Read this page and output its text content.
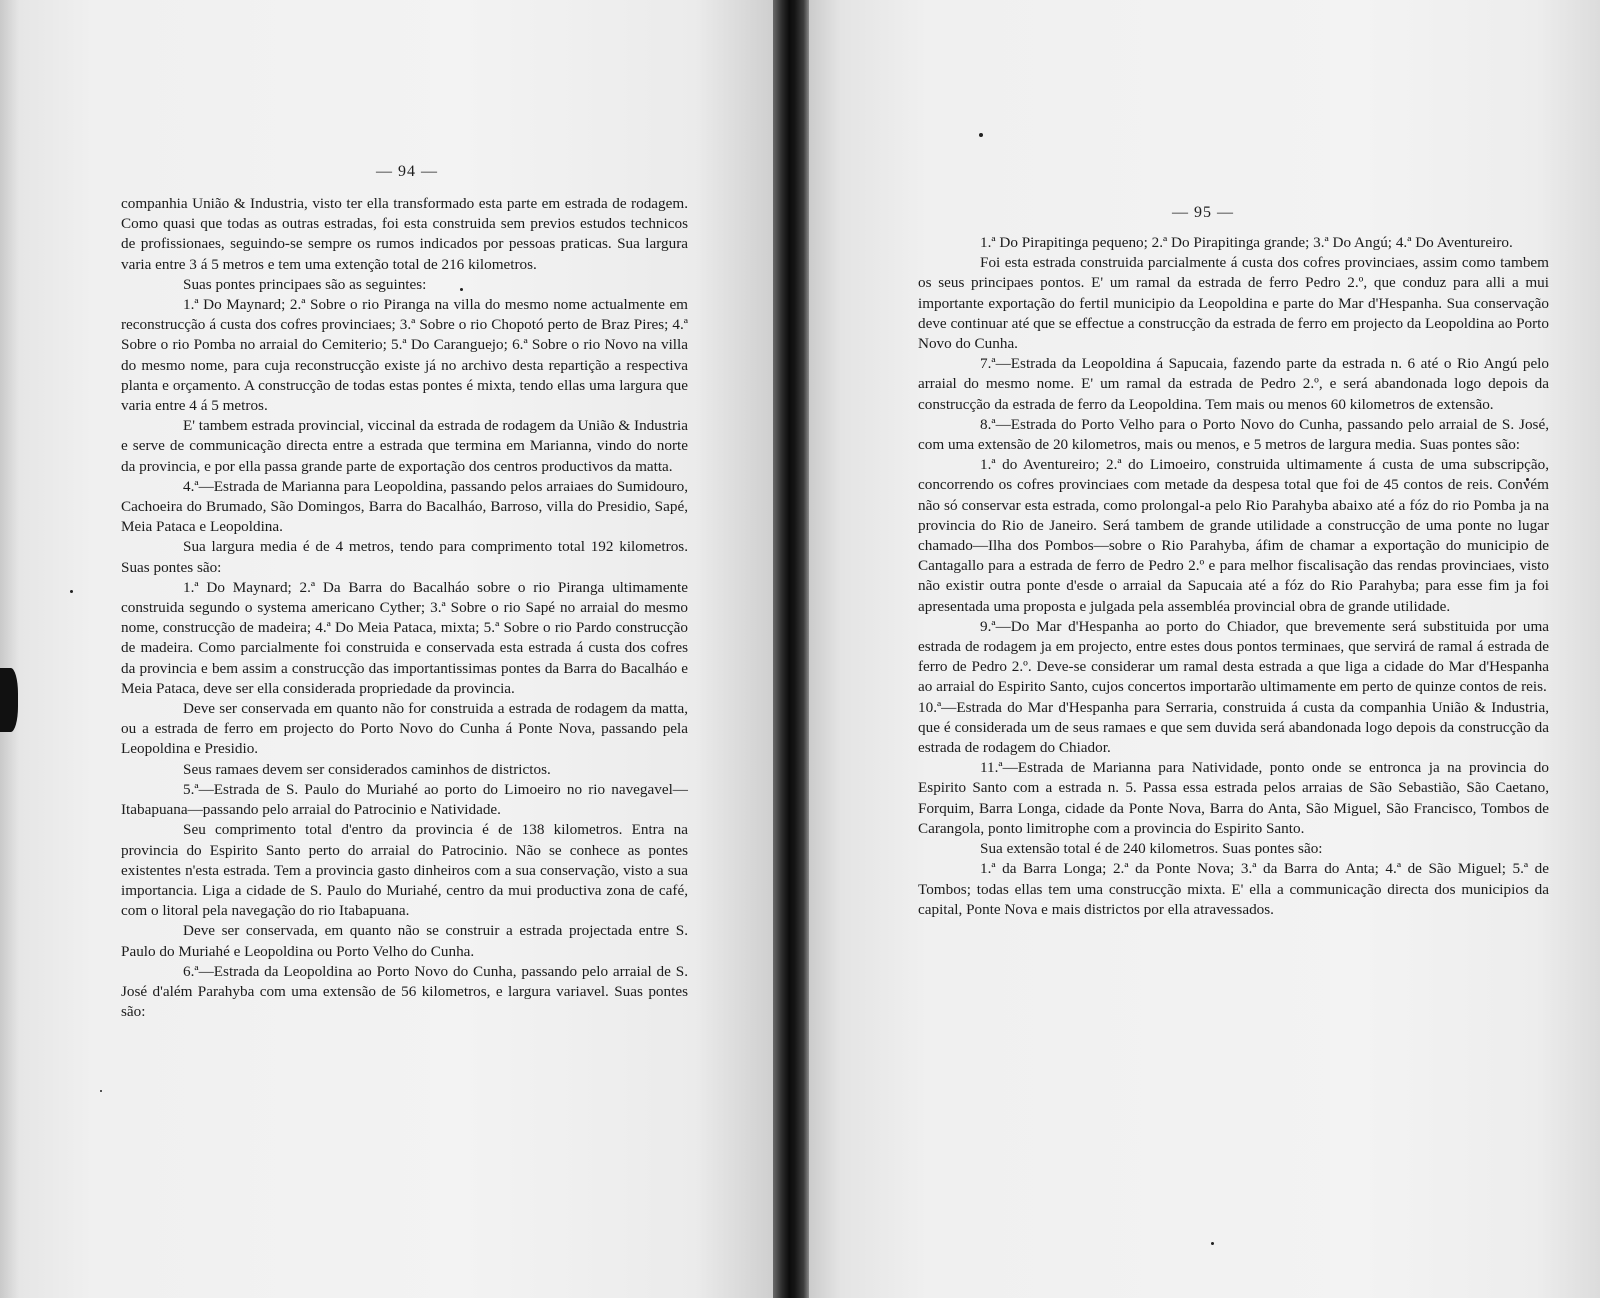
— 94 —

companhia União & Industria, visto ter ella transformado esta parte em estrada de rodagem. Como quasi que todas as outras estradas, foi esta construida sem previos estudos technicos de profissionaes, seguindo-se sempre os rumos indicados por pessoas praticas. Sua largura varia entre 3 á 5 metros e tem uma extenção total de 216 kilometros.

Suas pontes principaes são as seguintes:

1.ª Do Maynard; 2.ª Sobre o rio Piranga na villa do mesmo nome actualmente em reconstrucção á custa dos cofres provinciaes; 3.ª Sobre o rio Chopotó perto de Braz Pires; 4.ª Sobre o rio Pomba no arraial do Cemiterio; 5.ª Do Caranguejo; 6.ª Sobre o rio Novo na villa do mesmo nome, para cuja reconstrucção existe já no archivo desta repartição a respectiva planta e orçamento. A construcção de todas estas pontes é mixta, tendo ellas uma largura que varia entre 4 á 5 metros.

E' tambem estrada provincial, viccinal da estrada de rodagem da União & Industria e serve de communicação directa entre a estrada que termina em Marianna, vindo do norte da provincia, e por ella passa grande parte de exportação dos centros productivos da matta.

4.ª—Estrada de Marianna para Leopoldina, passando pelos arraiaes do Sumidouro, Cachoeira do Brumado, São Domingos, Barra do Bacalháo, Barroso, villa do Presidio, Sapé, Meia Pataca e Leopoldina.

Sua largura media é de 4 metros, tendo para comprimento total 192 kilometros. Suas pontes são:

1.ª Do Maynard; 2.ª Da Barra do Bacalháo sobre o rio Piranga ultimamente construida segundo o systema americano Cyther; 3.ª Sobre o rio Sapé no arraial do mesmo nome, construcção de madeira; 4.ª Do Meia Pataca, mixta; 5.ª Sobre o rio Pardo construcção de madeira. Como parcialmente foi construida e conservada esta estrada á custa dos cofres da provincia e bem assim a construcção das importantissimas pontes da Barra do Bacalháo e Meia Pataca, deve ser ella considerada propriedade da provincia.

Deve ser conservada em quanto não for construida a estrada de rodagem da matta, ou a estrada de ferro em projecto do Porto Novo do Cunha á Ponte Nova, passando pela Leopoldina e Presidio.

Seus ramaes devem ser considerados caminhos de districtos.

5.ª—Estrada de S. Paulo do Muriahé ao porto do Limoeiro no rio navegavel—Itabapuana—passando pelo arraial do Patrocinio e Natividade.

Seu comprimento total d'entro da provincia é de 138 kilometros. Entra na provincia do Espirito Santo perto do arraial do Patrocinio. Não se conhece as pontes existentes n'esta estrada. Tem a provincia gasto dinheiros com a sua conservação, visto a sua importancia. Liga a cidade de S. Paulo do Muriahé, centro da mui productiva zona de café, com o litoral pela navegação do rio Itabapuana.

Deve ser conservada, em quanto não se construir a estrada projectada entre S. Paulo do Muriahé e Leopoldina ou Porto Velho do Cunha.

6.ª—Estrada da Leopoldina ao Porto Novo do Cunha, passando pelo arraial de S. José d'além Parahyba com uma extensão de 56 kilometros, e largura variavel. Suas pontes são:

— 95 —

1.ª Do Pirapitinga pequeno; 2.ª Do Pirapitinga grande; 3.ª Do Angú; 4.ª Do Aventureiro.

Foi esta estrada construida parcialmente á custa dos cofres provinciaes, assim como tambem os seus principaes pontos. E' um ramal da estrada de ferro Pedro 2.º, que conduz para alli a mui importante exportação do fertil municipio da Leopoldina e parte do Mar d'Hespanha. Sua conservação deve continuar até que se effectue a construcção da estrada de ferro em projecto da Leopoldina ao Porto Novo do Cunha.

7.ª—Estrada da Leopoldina á Sapucaia, fazendo parte da estrada n. 6 até o Rio Angú pelo arraial do mesmo nome. E' um ramal da estrada de Pedro 2.º, e será abandonada logo depois da construcção da estrada de ferro da Leopoldina. Tem mais ou menos 60 kilometros de extensão.

8.ª—Estrada do Porto Velho para o Porto Novo do Cunha, passando pelo arraial de S. José, com uma extensão de 20 kilometros, mais ou menos, e 5 metros de largura media. Suas pontes são:

1.ª do Aventureiro; 2.ª do Limoeiro, construida ultimamente á custa de uma subscripção, concorrendo os cofres provinciaes com metade da despesa total que foi de 45 contos de reis. Convém não só conservar esta estrada, como prolongal-a pelo Rio Parahyba abaixo até a fóz do rio Pomba ja na provincia do Rio de Janeiro. Será tambem de grande utilidade a construcção de uma ponte no lugar chamado—Ilha dos Pombos—sobre o Rio Parahyba, áfim de chamar a exportação do municipio de Cantagallo para a estrada de ferro de Pedro 2.º e para melhor fiscalisação das rendas provinciaes, visto não existir outra ponte d'esde o arraial da Sapucaia até a fóz do Rio Parahyba; para esse fim ja foi apresentada uma proposta e julgada pela assembléa provincial obra de grande utilidade.

9.ª—Do Mar d'Hespanha ao porto do Chiador, que brevemente será substituida por uma estrada de rodagem ja em projecto, entre estes dous pontos terminaes, que servirá de ramal á estrada de ferro de Pedro 2.º. Deve-se considerar um ramal desta estrada a que liga a cidade do Mar d'Hespanha ao arraial do Espirito Santo, cujos concertos importarão ultimamente em perto de quinze contos de reis.

10.ª—Estrada do Mar d'Hespanha para Serraria, construida á custa da companhia União & Industria, que é considerada um de seus ramaes e que sem duvida será abandonada logo depois da construcção da estrada de rodagem do Chiador.

11.ª—Estrada de Marianna para Natividade, ponto onde se entronca ja na provincia do Espirito Santo com a estrada n. 5. Passa essa estrada pelos arraias de São Sebastião, São Caetano, Forquim, Barra Longa, cidade da Ponte Nova, Barra do Anta, São Miguel, São Francisco, Tombos de Carangola, ponto limitrophe com a provincia do Espirito Santo.

Sua extensão total é de 240 kilometros. Suas pontes são:

1.ª da Barra Longa; 2.ª da Ponte Nova; 3.ª da Barra do Anta; 4.ª de São Miguel; 5.ª de Tombos; todas ellas tem uma construcção mixta. E' ella a communicação directa dos municipios da capital, Ponte Nova e mais districtos por ella atravessados.
